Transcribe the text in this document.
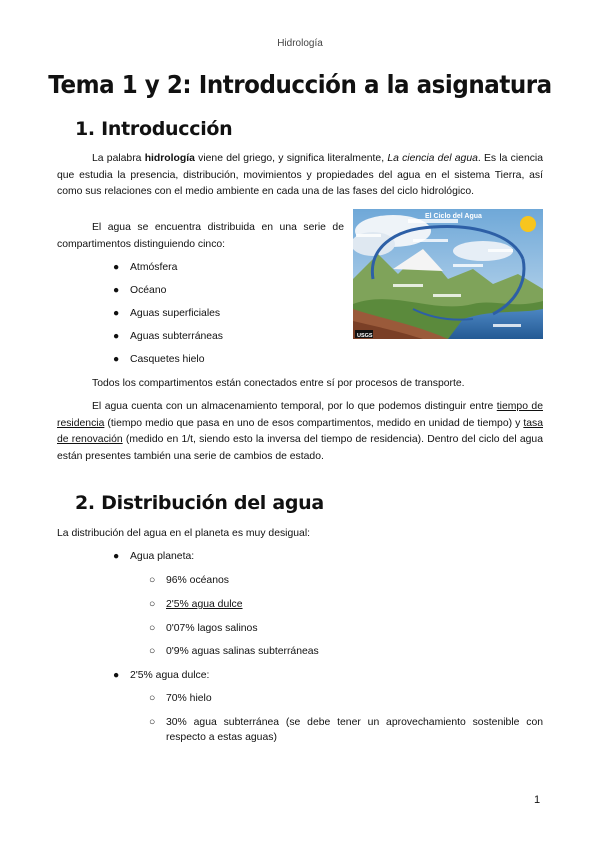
Hidrología
Tema 1 y 2: Introducción a la asignatura
1. Introducción
La palabra hidrología viene del griego, y significa literalmente, La ciencia del agua. Es la ciencia que estudia la presencia, distribución, movimientos y propiedades del agua en el sistema Tierra, así como sus relaciones con el medio ambiente en cada una de las fases del ciclo hidrológico.
El agua se encuentra distribuida en una serie de compartimentos distinguiendo cinco:
● Atmósfera
● Océano
● Aguas superficiales
● Aguas subterráneas
● Casquetes hielo
El Ciclo del Agua
USGS
Todos los compartimentos están conectados entre sí por procesos de transporte.
El agua cuenta con un almacenamiento temporal, por lo que podemos distinguir entre tiempo de residencia (tiempo medio que pasa en uno de esos compartimentos, medido en unidad de tiempo) y tasa de renovación (medido en 1/t, siendo esto la inversa del tiempo de residencia). Dentro del ciclo del agua están presentes también una serie de cambios de estado.
2. Distribución del agua
La distribución del agua en el planeta es muy desigual:
● Agua planeta:
○ 96% océanos
○ 2'5% agua dulce
○ 0'07% lagos salinos
○ 0'9% aguas salinas subterráneas
● 2'5% agua dulce:
○ 70% hielo
○ 30% agua subterránea (se debe tener un aprovechamiento sostenible con respecto a estas aguas)
1
